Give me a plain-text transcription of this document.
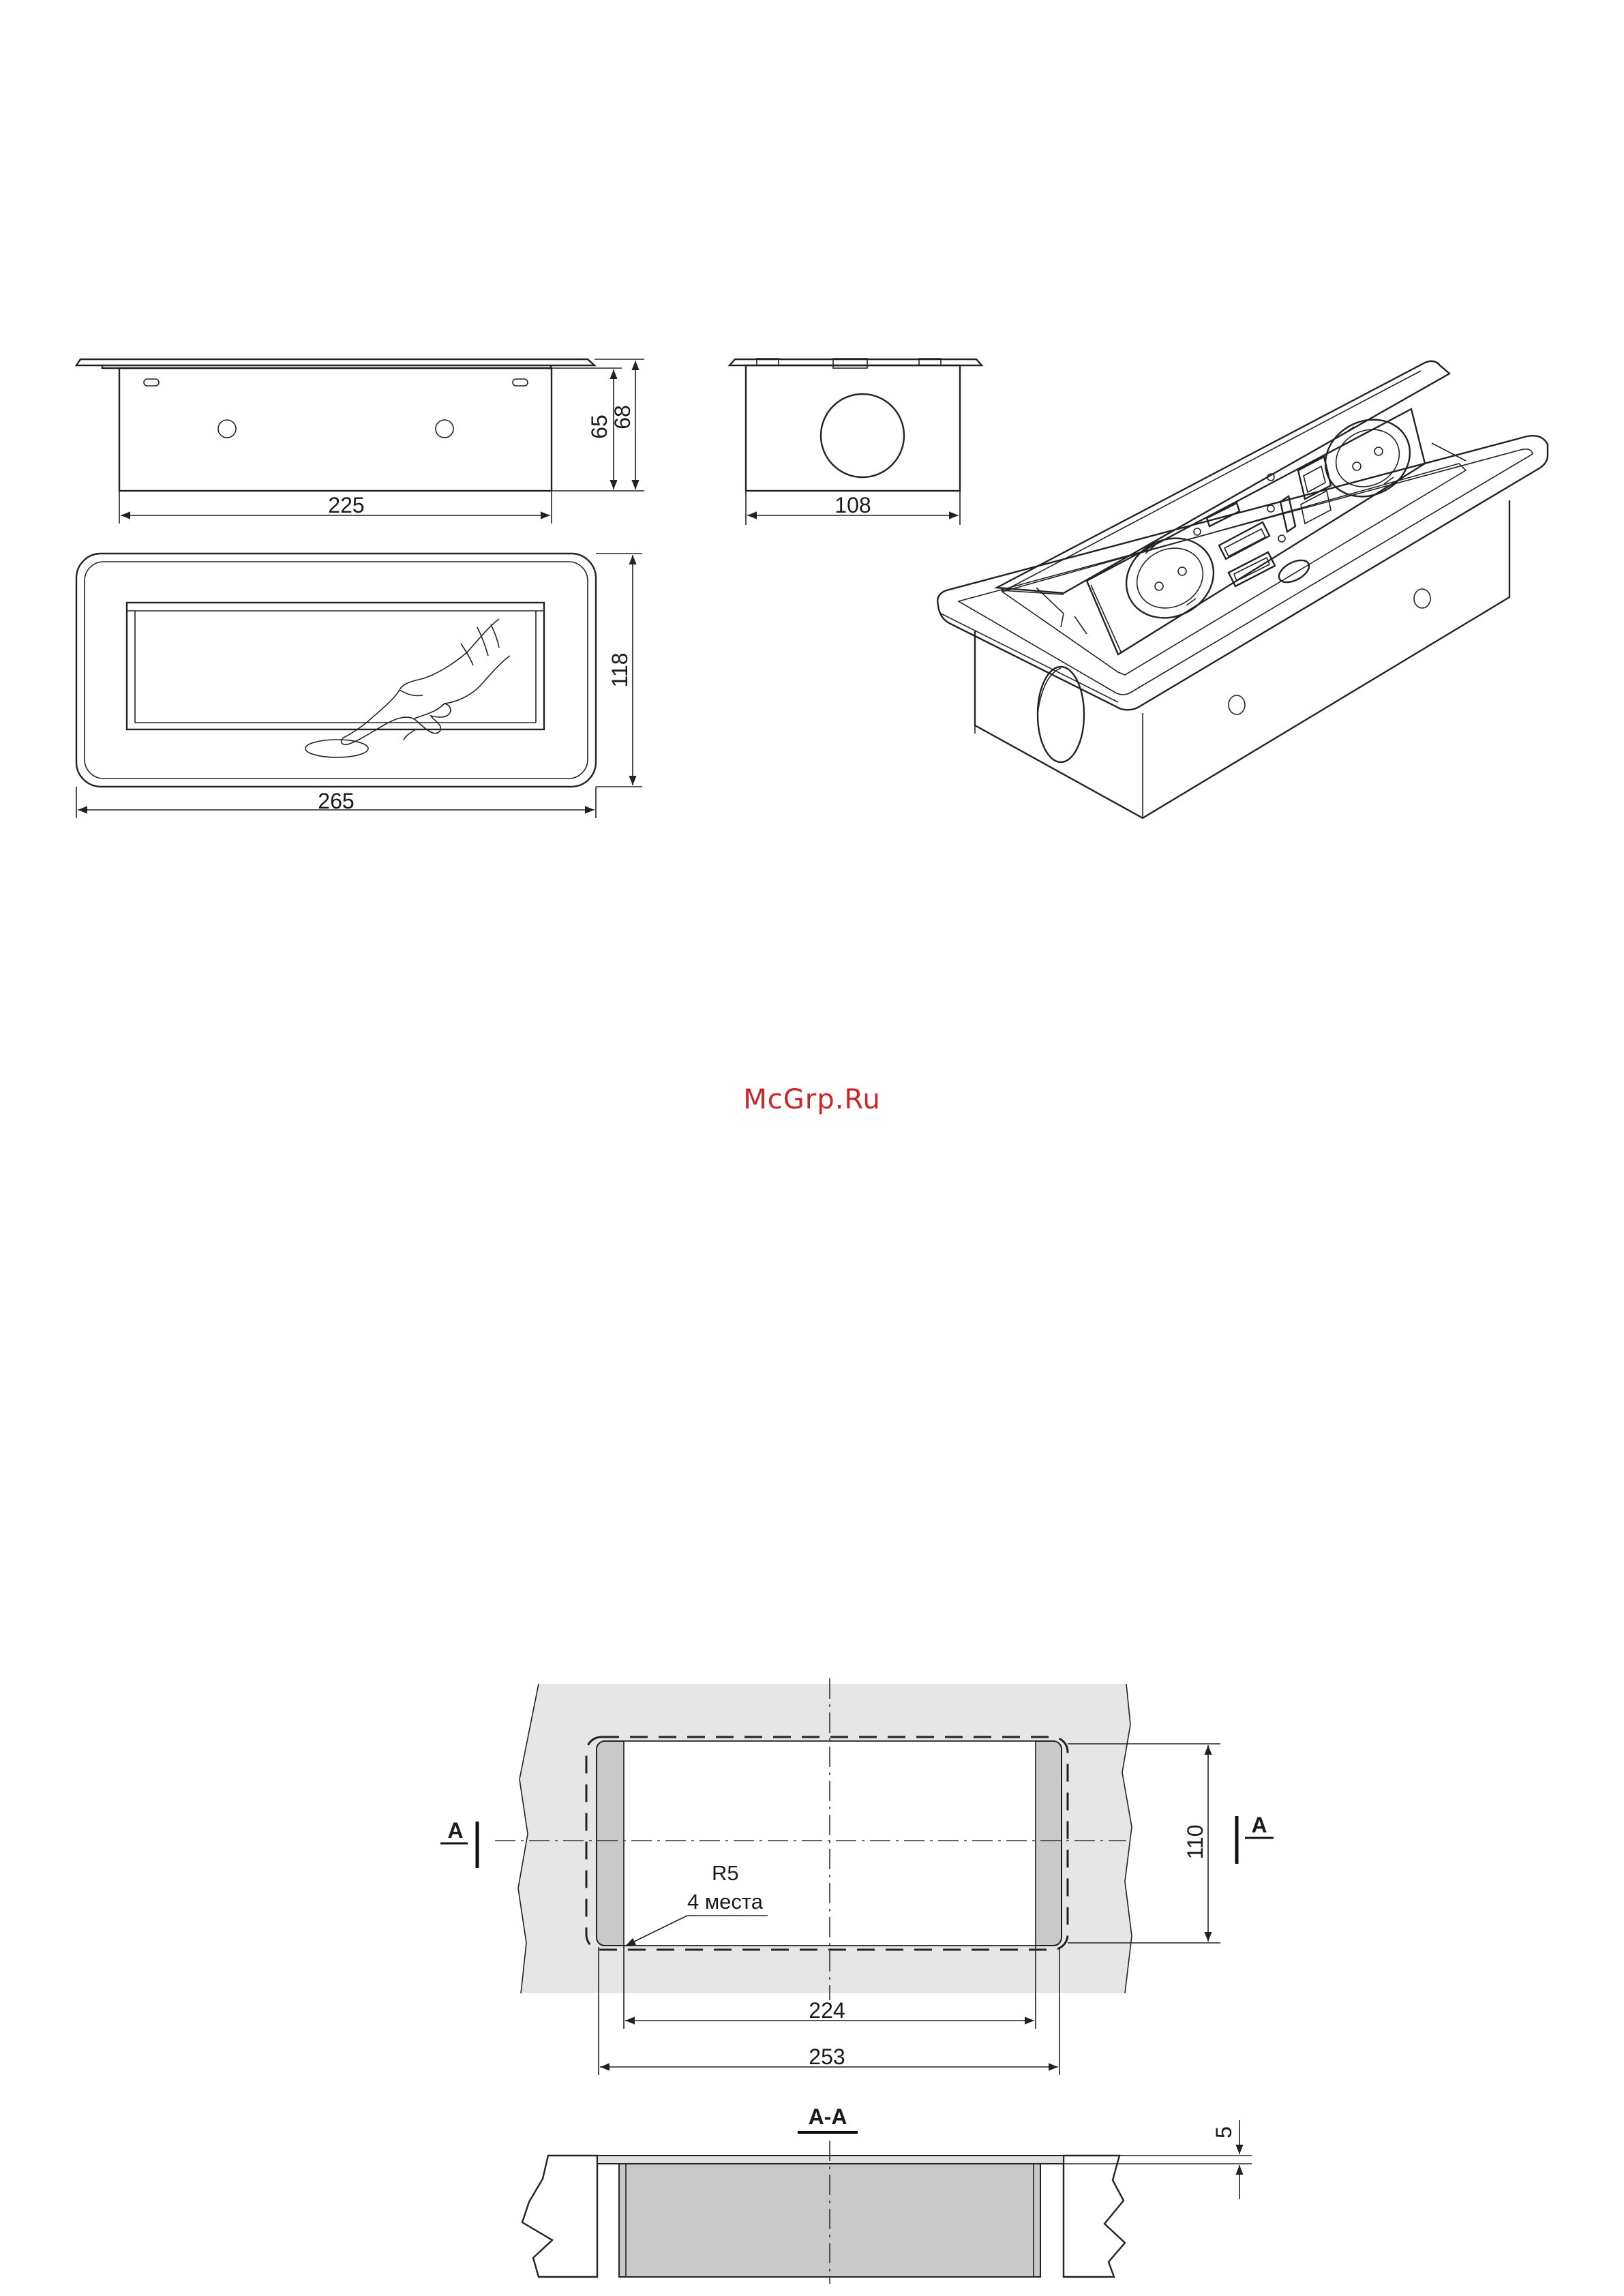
225
65
68
108
265
118
A	A
110
R5
4 места
224
253
A-A
5
McGrp.Ru
